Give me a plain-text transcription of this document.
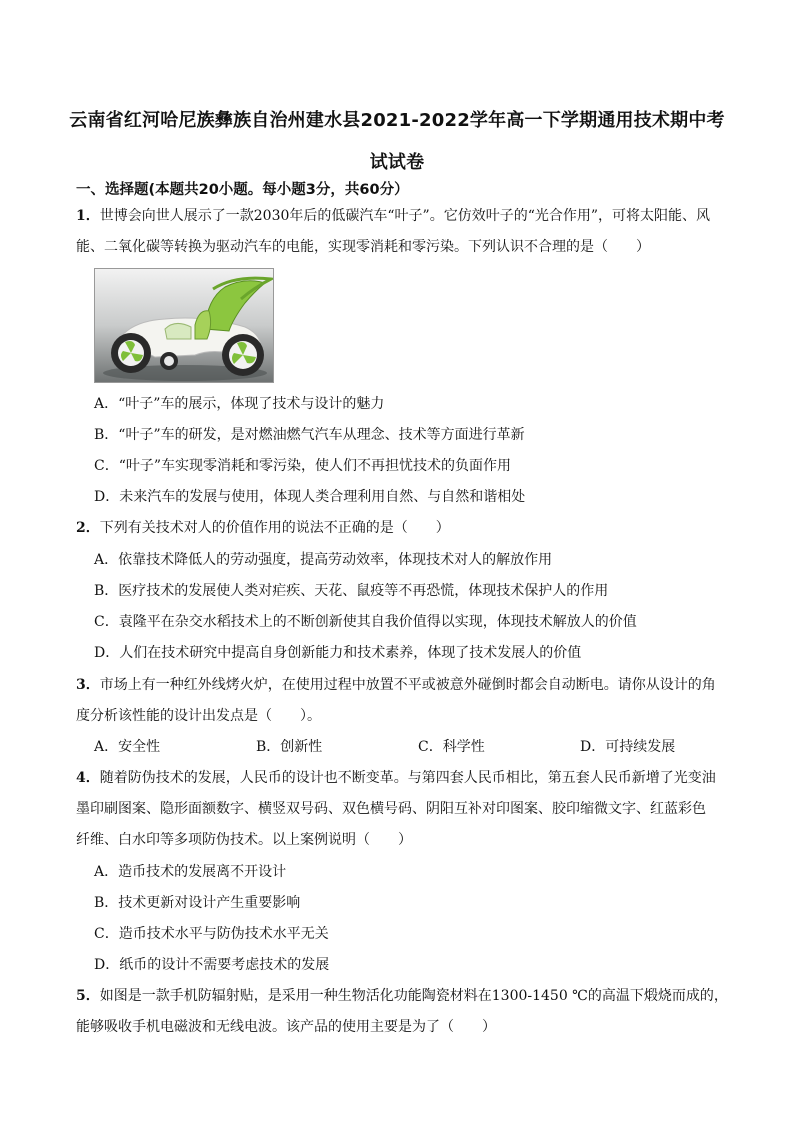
云南省红河哈尼族彝族自治州建水县2021-2022学年高一下学期通用技术期中考
试试卷
一、选择题(本题共20小题。每小题3分，共60分）
1．世博会向世人展示了一款2030年后的低碳汽车“叶子”。它仿效叶子的“光合作用”，可将太阳能、风
能、二氧化碳等转换为驱动汽车的电能，实现零消耗和零污染。下列认识不合理的是（　　）
A．“叶子”车的展示，体现了技术与设计的魅力
B．“叶子”车的研发，是对燃油燃气汽车从理念、技术等方面进行革新
C．“叶子”车实现零消耗和零污染，使人们不再担忧技术的负面作用
D．未来汽车的发展与使用，体现人类合理利用自然、与自然和谐相处
2．下列有关技术对人的价值作用的说法不正确的是（　　）
A．依靠技术降低人的劳动强度，提高劳动效率，体现技术对人的解放作用
B．医疗技术的发展使人类对疟疾、天花、鼠疫等不再恐慌，体现技术保护人的作用
C．袁隆平在杂交水稻技术上的不断创新使其自我价值得以实现，体现技术解放人的价值
D．人们在技术研究中提高自身创新能力和技术素养，体现了技术发展人的价值
3．市场上有一种红外线烤火炉，在使用过程中放置不平或被意外碰倒时都会自动断电。请你从设计的角
度分析该性能的设计出发点是（　　）。
A．安全性	B．创新性	C．科学性	D．可持续发展
4．随着防伪技术的发展，人民币的设计也不断变革。与第四套人民币相比，第五套人民币新增了光变油
墨印刷图案、隐形面额数字、横竖双号码、双色横号码、阴阳互补对印图案、胶印缩微文字、红蓝彩色
纤维、白水印等多项防伪技术。以上案例说明（　　）
A．造币技术的发展离不开设计
B．技术更新对设计产生重要影响
C．造币技术水平与防伪技术水平无关
D．纸币的设计不需要考虑技术的发展
5．如图是一款手机防辐射贴，是采用一种生物活化功能陶瓷材料在1300-1450 ℃的高温下煅烧而成的，
能够吸收手机电磁波和无线电波。该产品的使用主要是为了（　　）
